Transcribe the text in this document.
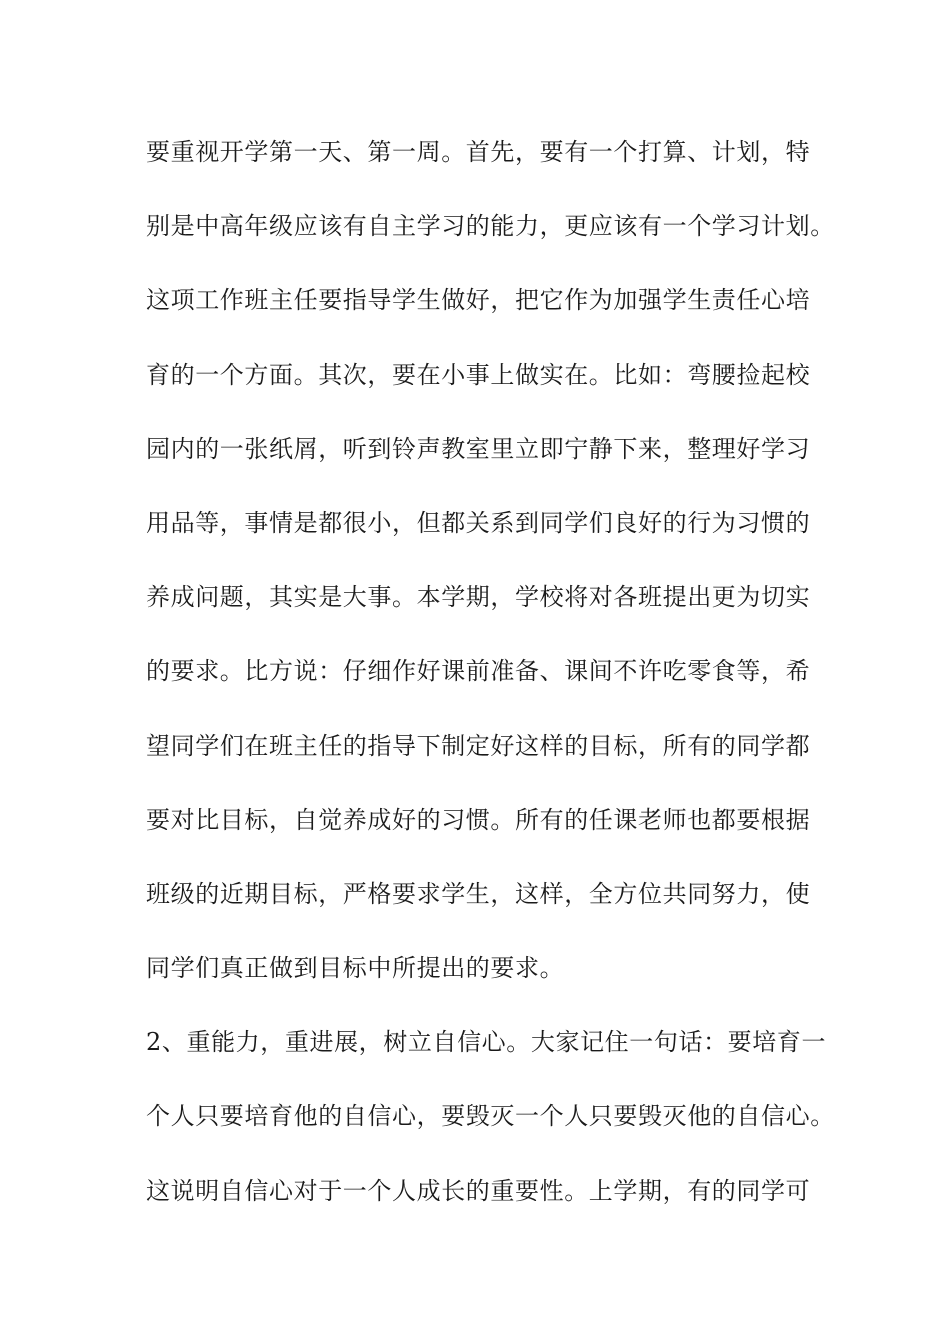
要重视开学第一天、第一周。首先，要有一个打算、计划，特
别是中高年级应该有自主学习的能力，更应该有一个学习计划。
这项工作班主任要指导学生做好，把它作为加强学生责任心培
育的一个方面。其次，要在小事上做实在。比如：弯腰捡起校
园内的一张纸屑，听到铃声教室里立即宁静下来，整理好学习
用品等，事情是都很小，但都关系到同学们良好的行为习惯的
养成问题，其实是大事。本学期，学校将对各班提出更为切实
的要求。比方说：仔细作好课前准备、课间不许吃零食等，希
望同学们在班主任的指导下制定好这样的目标，所有的同学都
要对比目标，自觉养成好的习惯。所有的任课老师也都要根据
班级的近期目标，严格要求学生，这样，全方位共同努力，使
同学们真正做到目标中所提出的要求。
2、重能力，重进展，树立自信心。大家记住一句话：要培育一
个人只要培育他的自信心，要毁灭一个人只要毁灭他的自信心。
这说明自信心对于一个人成长的重要性。上学期，有的同学可
